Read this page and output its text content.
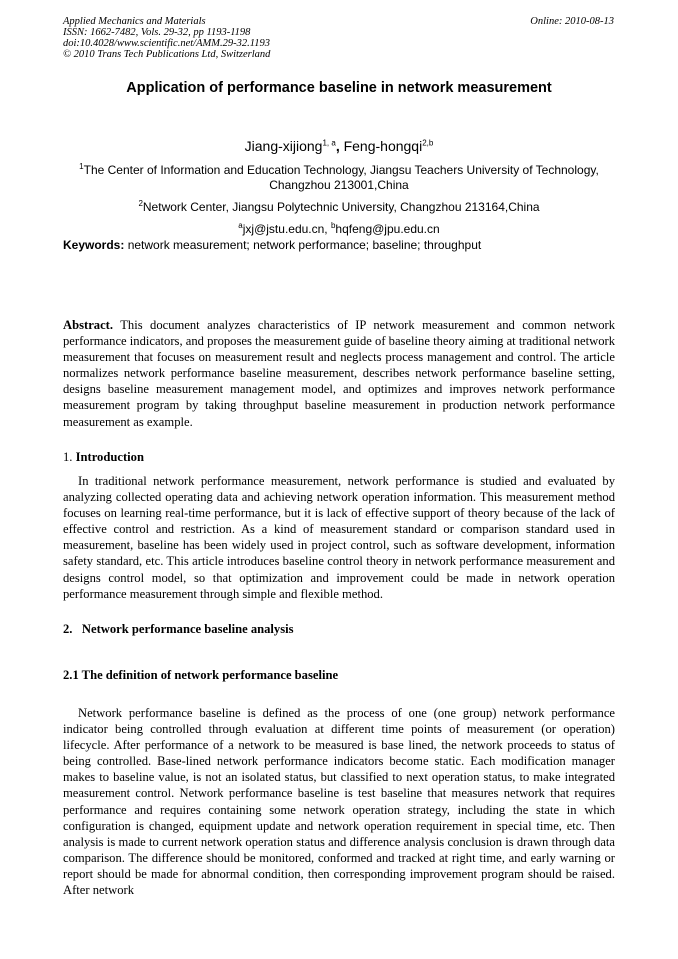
Applied Mechanics and Materials
ISSN: 1662-7482, Vols. 29-32, pp 1193-1198
doi:10.4028/www.scientific.net/AMM.29-32.1193
© 2010 Trans Tech Publications Ltd, Switzerland
Online: 2010-08-13
Application of performance baseline in network measurement
Jiang-xijiong$^{1, a}$, Feng-hongqi$^{2,b}$
$^1$The Center of Information and Education Technology, Jiangsu Teachers University of Technology, Changzhou 213001,China
$^2$Network Center, Jiangsu Polytechnic University, Changzhou 213164,China
$^a$jxj@jstu.edu.cn, $^b$hqfeng@jpu.edu.cn
Keywords: network measurement; network performance; baseline; throughput
Abstract. This document analyzes characteristics of IP network measurement and common network performance indicators, and proposes the measurement guide of baseline theory aiming at traditional network measurement that focuses on measurement result and neglects process management and control. The article normalizes network performance baseline measurement, describes network performance baseline setting, designs baseline measurement management model, and optimizes and improves network performance measurement program by taking throughput baseline measurement in production network performance measurement as example.
1. Introduction
In traditional network performance measurement, network performance is studied and evaluated by analyzing collected operating data and achieving network operation information. This measurement method focuses on learning real-time performance, but it is lack of effective support of theory because of the lack of effective control and restriction. As a kind of measurement standard or comparison standard used in measurement, baseline has been widely used in project control, such as software development, information safety standard, etc. This article introduces baseline control theory in network performance measurement and designs control model, so that optimization and improvement could be made in network operation performance measurement through simple and flexible method.
2.   Network performance baseline analysis
2.1 The definition of network performance baseline
Network performance baseline is defined as the process of one (one group) network performance indicator being controlled through evaluation at different time points of measurement (or operation) lifecycle. After performance of a network to be measured is base lined, the network proceeds to status of being controlled. Base-lined network performance indicators become static. Each modification manager makes to baseline value, is not an isolated status, but classified to next operation status, to make integrated measurement control. Network performance baseline is test baseline that measures network that requires performance and requires containing some network operation strategy, including the state in which configuration is changed, equipment update and network operation requirement in special time, etc. Then analysis is made to current network operation status and difference analysis conclusion is drawn through data comparison. The difference should be monitored, conformed and tracked at right time, and early warning or report should be made for abnormal condition, then corresponding improvement program should be raised. After network
